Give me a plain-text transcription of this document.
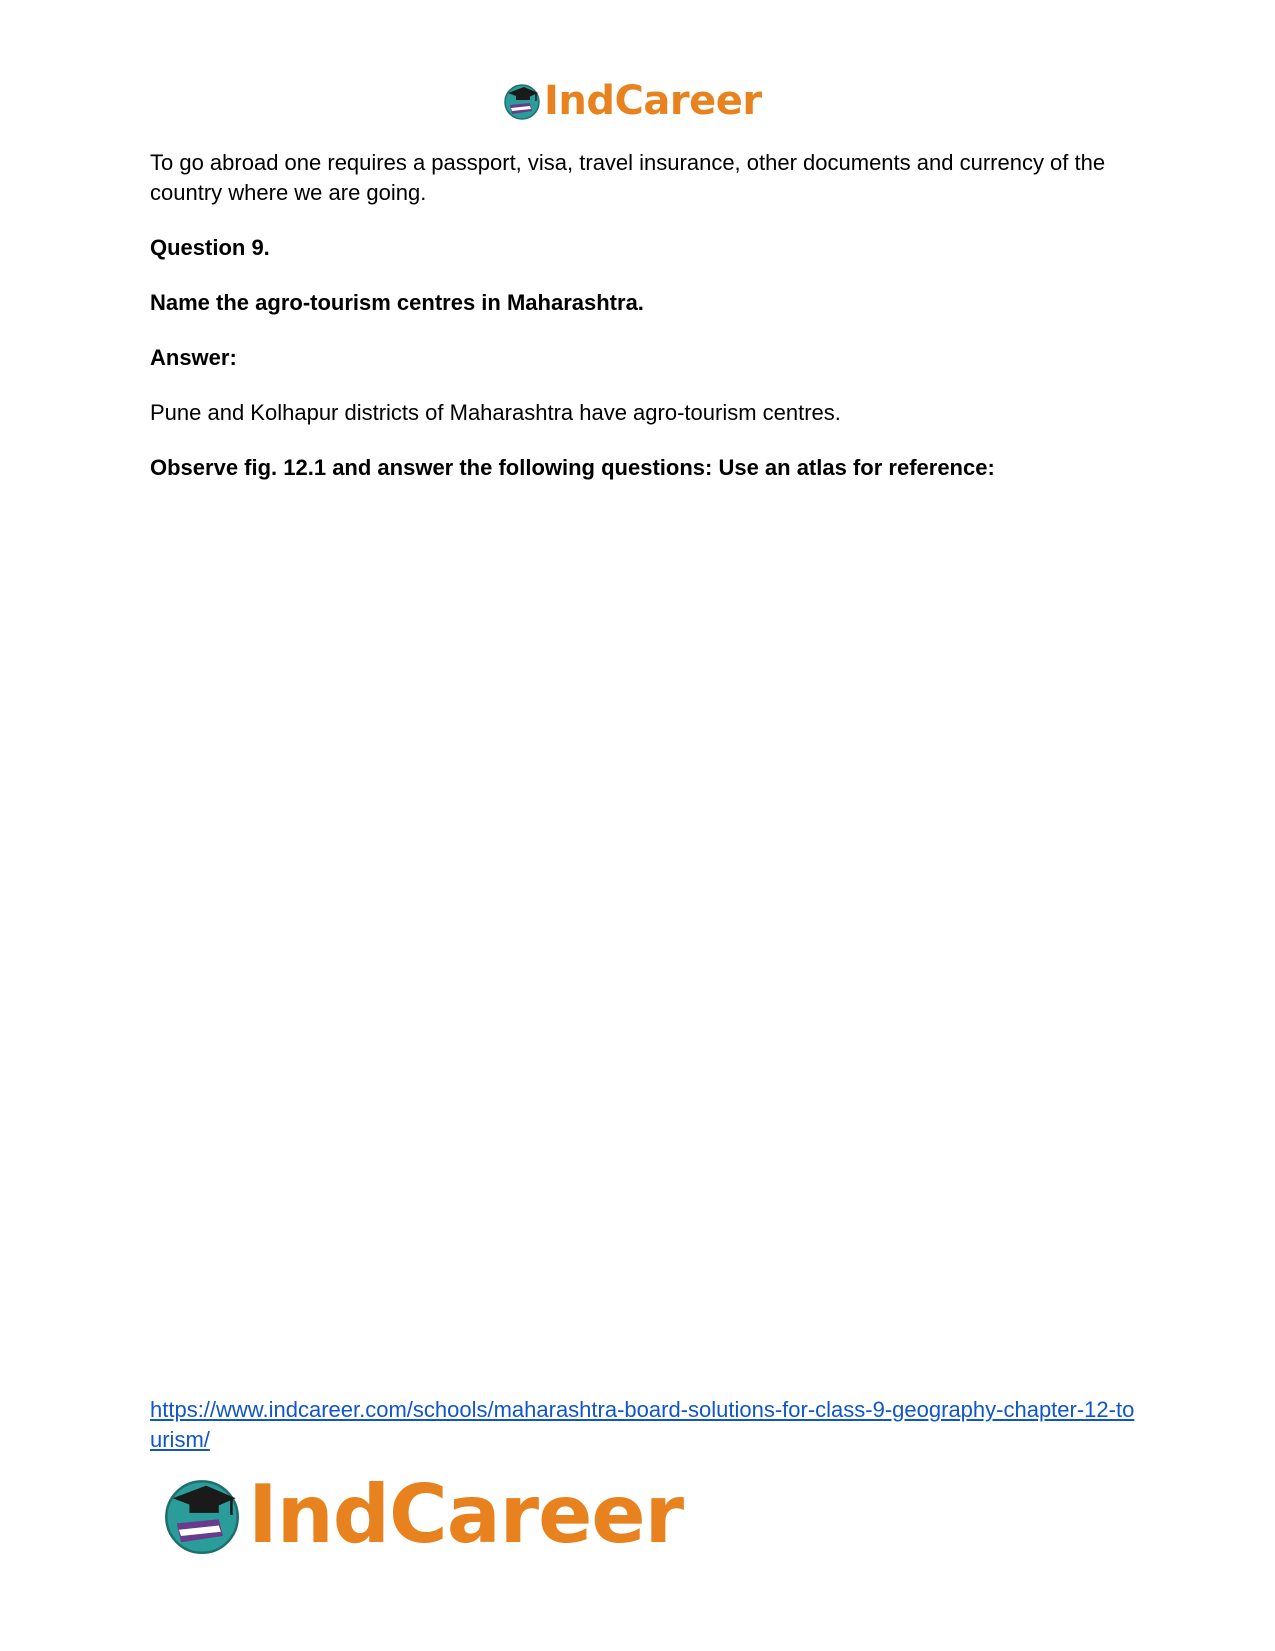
IndCareer

To go abroad one requires a passport, visa, travel insurance, other documents and currency of the country where we are going.

Question 9.

Name the agro-tourism centres in Maharashtra.

Answer:

Pune and Kolhapur districts of Maharashtra have agro-tourism centres.

Observe fig. 12.1 and answer the following questions: Use an atlas for reference:

https://www.indcareer.com/schools/maharashtra-board-solutions-for-class-9-geography-chapter-12-tourism/
IndCareer
